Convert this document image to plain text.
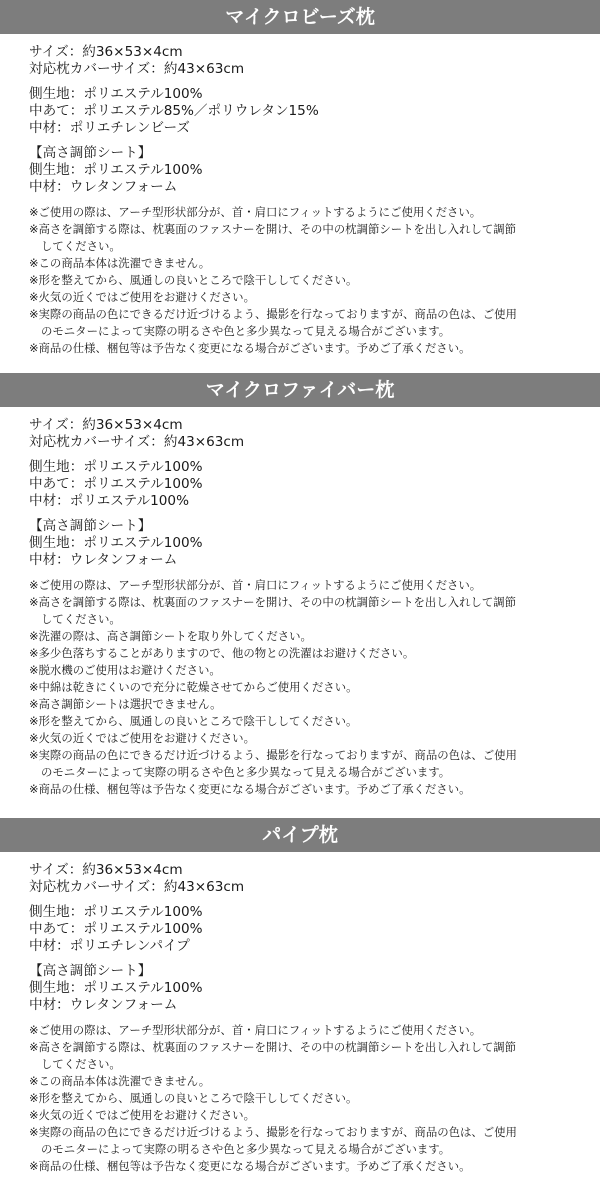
マイクロビーズ枕
サイズ：約36×53×4cm
対応枕カバーサイズ：約43×63cm
側生地：ポリエステル100%
中あて：ポリエステル85%／ポリウレタン15%
中材：ポリエチレンビーズ
【高さ調節シート】
側生地：ポリエステル100%
中材：ウレタンフォーム
※ご使用の際は、アーチ型形状部分が、首・肩口にフィットするようにご使用ください。
※高さを調節する際は、枕裏面のファスナーを開け、その中の枕調節シートを出し入れして調節
してください。
※この商品本体は洗濯できません。
※形を整えてから、風通しの良いところで陰干ししてください。
※火気の近くではご使用をお避けください。
※実際の商品の色にできるだけ近づけるよう、撮影を行なっておりますが、商品の色は、ご使用
のモニターによって実際の明るさや色と多少異なって見える場合がございます。
※商品の仕様、梱包等は予告なく変更になる場合がございます。予めご了承ください。
マイクロファイバー枕
サイズ：約36×53×4cm
対応枕カバーサイズ：約43×63cm
側生地：ポリエステル100%
中あて：ポリエステル100%
中材：ポリエステル100%
【高さ調節シート】
側生地：ポリエステル100%
中材：ウレタンフォーム
※ご使用の際は、アーチ型形状部分が、首・肩口にフィットするようにご使用ください。
※高さを調節する際は、枕裏面のファスナーを開け、その中の枕調節シートを出し入れして調節
してください。
※洗濯の際は、高さ調節シートを取り外してください。
※多少色落ちすることがありますので、他の物との洗濯はお避けください。
※脱水機のご使用はお避けください。
※中綿は乾きにくいので充分に乾燥させてからご使用ください。
※高さ調節シートは選択できません。
※形を整えてから、風通しの良いところで陰干ししてください。
※火気の近くではご使用をお避けください。
※実際の商品の色にできるだけ近づけるよう、撮影を行なっておりますが、商品の色は、ご使用
のモニターによって実際の明るさや色と多少異なって見える場合がございます。
※商品の仕様、梱包等は予告なく変更になる場合がございます。予めご了承ください。
パイプ枕
サイズ：約36×53×4cm
対応枕カバーサイズ：約43×63cm
側生地：ポリエステル100%
中あて：ポリエステル100%
中材：ポリエチレンパイプ
【高さ調節シート】
側生地：ポリエステル100%
中材：ウレタンフォーム
※ご使用の際は、アーチ型形状部分が、首・肩口にフィットするようにご使用ください。
※高さを調節する際は、枕裏面のファスナーを開け、その中の枕調節シートを出し入れして調節
してください。
※この商品本体は洗濯できません。
※形を整えてから、風通しの良いところで陰干ししてください。
※火気の近くではご使用をお避けください。
※実際の商品の色にできるだけ近づけるよう、撮影を行なっておりますが、商品の色は、ご使用
のモニターによって実際の明るさや色と多少異なって見える場合がございます。
※商品の仕様、梱包等は予告なく変更になる場合がございます。予めご了承ください。
